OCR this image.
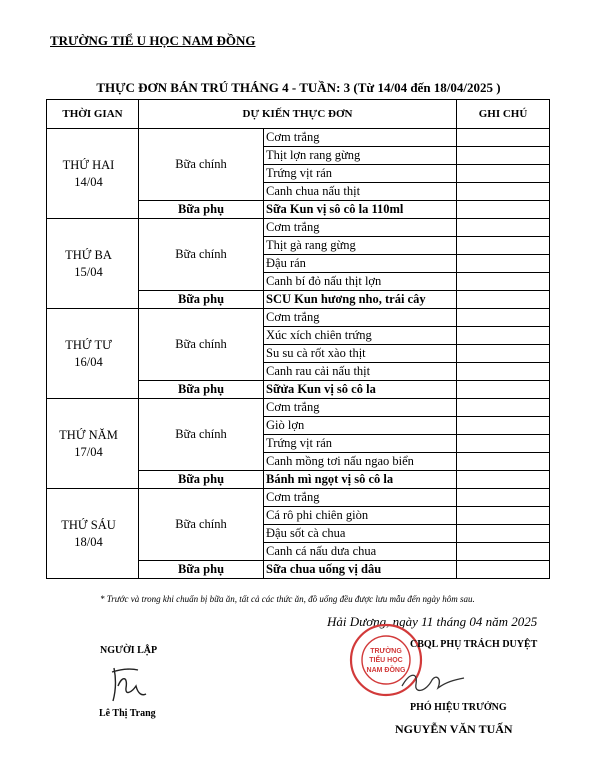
TRƯỜNG TIỂ U HỌC NAM ĐỒNG
THỰC ĐƠN BÁN TRÚ THÁNG 4 - TUẦN: 3 (Từ 14/04 đến 18/04/2025 )
THỜI GIAN	DỰ KIẾN THỰC ĐƠN		GHI CHÚ

THỨ HAI
14/04	Bữa chính	Cơm trắng	
		Thịt lợn rang gừng	
		Trứng vịt rán	
		Canh chua nấu thịt	
	Bữa phụ	Sữa Kun vị sô cô la 110ml	

THỨ BA
15/04	Bữa chính	Cơm trắng	
		Thịt gà rang gừng	
		Đậu rán	
		Canh bí đỏ nấu thịt lợn	
	Bữa phụ	SCU Kun hương nho, trái cây	

THỨ TƯ
16/04	Bữa chính	Cơm trắng	
		Xúc xích chiên trứng	
		Su su cà rốt xào thịt	
		Canh rau cải nấu thịt	
	Bữa phụ	Sữửa Kun vị sô cô la	

THỨ NĂM
17/04	Bữa chính	Cơm trắng	
		Giò lợn	
		Trứng vịt rán	
		Canh mồng tơi nấu ngao biển	
	Bữa phụ	Bánh mì ngọt vị sô cô la	

THỨ SÁU
18/04	Bữa chính	Cơm trắng	
		Cá rô phi chiên giòn	
		Đậu sốt cà chua	
		Canh cá nấu dưa chua	
	Bữa phụ	Sữa chua uống vị dâu	
* Trước và trong khi chuẩn bị bữa ăn, tất cả các thức ăn, đồ uống đều được lưu mẫu đến ngày hôm sau.
Hải Dương, ngày 11 tháng 04 năm 2025
NGƯỜI LẬP
Lê Thị Trang
TRƯỜNG
TIỂU HỌC
NAM ĐỒNG
CBQL PHỤ TRÁCH DUYỆT
PHÓ HIỆU TRƯỞNG
NGUYỄN VĂN TUẤN
